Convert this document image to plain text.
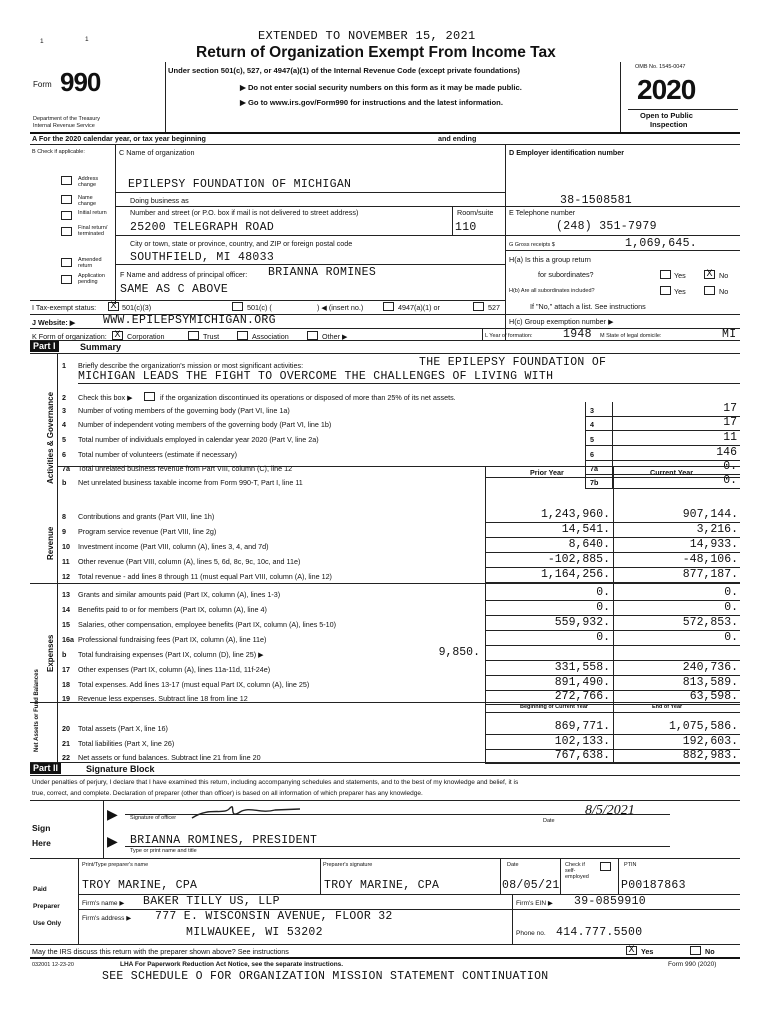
1	1	EXTENDED TO NOVEMBER 15, 2021
Form 990
Department of the Treasury
Internal Revenue Service
Return of Organization Exempt From Income Tax
Under section 501(c), 527, or 4947(a)(1) of the Internal Revenue Code (except private foundations)
▶ Do not enter social security numbers on this form as it may be made public.
▶ Go to www.irs.gov/Form990 for instructions and the latest information.
OMB No. 1545-0047
2020
Open to Public
Inspection
A For the 2020 calendar year, or tax year beginning	and ending
B Check if applicable:
Address change
Name change
Initial return
Final return/ terminated
Amended return
Application pending
C Name of organization
EPILEPSY FOUNDATION OF MICHIGAN
Doing business as
Number and street (or P.O. box if mail is not delivered to street address)	Room/suite
25200 TELEGRAPH ROAD	110
City or town, state or province, country, and ZIP or foreign postal code
SOUTHFIELD, MI 48033
F Name and address of principal officer: BRIANNA ROMINES
SAME AS C ABOVE
D Employer identification number
38-1508581
E Telephone number
(248) 351-7979
G Gross receipts $	1,069,645.
H(a) Is this a group return
for subordinates?	Yes X No
H(b) Are all subordinates included?	Yes	No
If "No," attach a list. See instructions
H(c) Group exemption number ▶
I Tax-exempt status: X 501(c)(3)	501(c) (	) ◀ (insert no.)	4947(a)(1) or	527
J Website: ▶ WWW.EPILEPSYMICHIGAN.ORG
K Form of organization: X Corporation	Trust	Association	Other ▶	L Year of formation:	1948 M State of legal domicile:	MI
Part I	Summary
Activities & Governance
1 Briefly describe the organization's mission or most significant activities:	THE EPILEPSY FOUNDATION OF
MICHIGAN LEADS THE FIGHT TO OVERCOME THE CHALLENGES OF LIVING WITH
2 Check this box ▶	if the organization discontinued its operations or disposed of more than 25% of its net assets.
3 Number of voting members of the governing body (Part VI, line 1a)	3	17
4 Number of independent voting members of the governing body (Part VI, line 1b)	4	17
5 Total number of individuals employed in calendar year 2020 (Part V, line 2a)	5	11
6 Total number of volunteers (estimate if necessary)	6	146
7a Total unrelated business revenue from Part VIII, column (C), line 12	7a	0.
b Net unrelated business taxable income from Form 990-T, Part I, line 11	7b	0.
Prior Year	Current Year
Revenue
8 Contributions and grants (Part VIII, line 1h)	1,243,960.	907,144.
9 Program service revenue (Part VIII, line 2g)	14,541.	3,216.
10 Investment income (Part VIII, column (A), lines 3, 4, and 7d)	8,640.	14,933.
11 Other revenue (Part VIII, column (A), lines 5, 6d, 8c, 9c, 10c, and 11e)	-102,885.	-48,106.
12 Total revenue - add lines 8 through 11 (must equal Part VIII, column (A), line 12)	1,164,256.	877,187.
Expenses
13 Grants and similar amounts paid (Part IX, column (A), lines 1-3)	0.	0.
14 Benefits paid to or for members (Part IX, column (A), line 4)	0.	0.
15 Salaries, other compensation, employee benefits (Part IX, column (A), lines 5-10)	559,932.	572,853.
16a Professional fundraising fees (Part IX, column (A), line 11e)	0.	0.
b Total fundraising expenses (Part IX, column (D), line 25) ▶	9,850.
17 Other expenses (Part IX, column (A), lines 11a-11d, 11f-24e)	331,558.	240,736.
18 Total expenses. Add lines 13-17 (must equal Part IX, column (A), line 25)	891,490.	813,589.
19 Revenue less expenses. Subtract line 18 from line 12	272,766.	63,598.
Beginning of Current Year	End of Year
Net Assets or Fund Balances	20 Total assets (Part X, line 16)	869,771.	1,075,586.
21 Total liabilities (Part X, line 26)	102,133.	192,603.
22 Net assets or fund balances. Subtract line 21 from line 20	767,638.	882,983.
Part II	Signature Block
Under penalties of perjury, I declare that I have examined this return, including accompanying schedules and statements, and to the best of my knowledge and belief, it is
true, correct, and complete. Declaration of preparer (other than officer) is based on all information of which preparer has any knowledge.
Sign
Here
▶
▶
Signature of officer	Date
8/5/2021
BRIANNA ROMINES, PRESIDENT
Type or print name and title
Paid
Preparer
Use Only
Print/Type preparer's name	Preparer's signature	Date	Check if self-employed
PTIN
TROY MARINE, CPA	TROY MARINE, CPA	08/05/21	P00187863
Firm's name ▶ BAKER TILLY US, LLP	Firm's EIN ▶ 39-0859910
Firm's address ▶ 777 E. WISCONSIN AVENUE, FLOOR 32
MILWAUKEE, WI 53202	Phone no. 414.777.5500
May the IRS discuss this return with the preparer shown above? See instructions	X Yes	No
032001 12-23-20	LHA For Paperwork Reduction Act Notice, see the separate instructions.	Form 990 (2020)
SEE SCHEDULE O FOR ORGANIZATION MISSION STATEMENT CONTINUATION
